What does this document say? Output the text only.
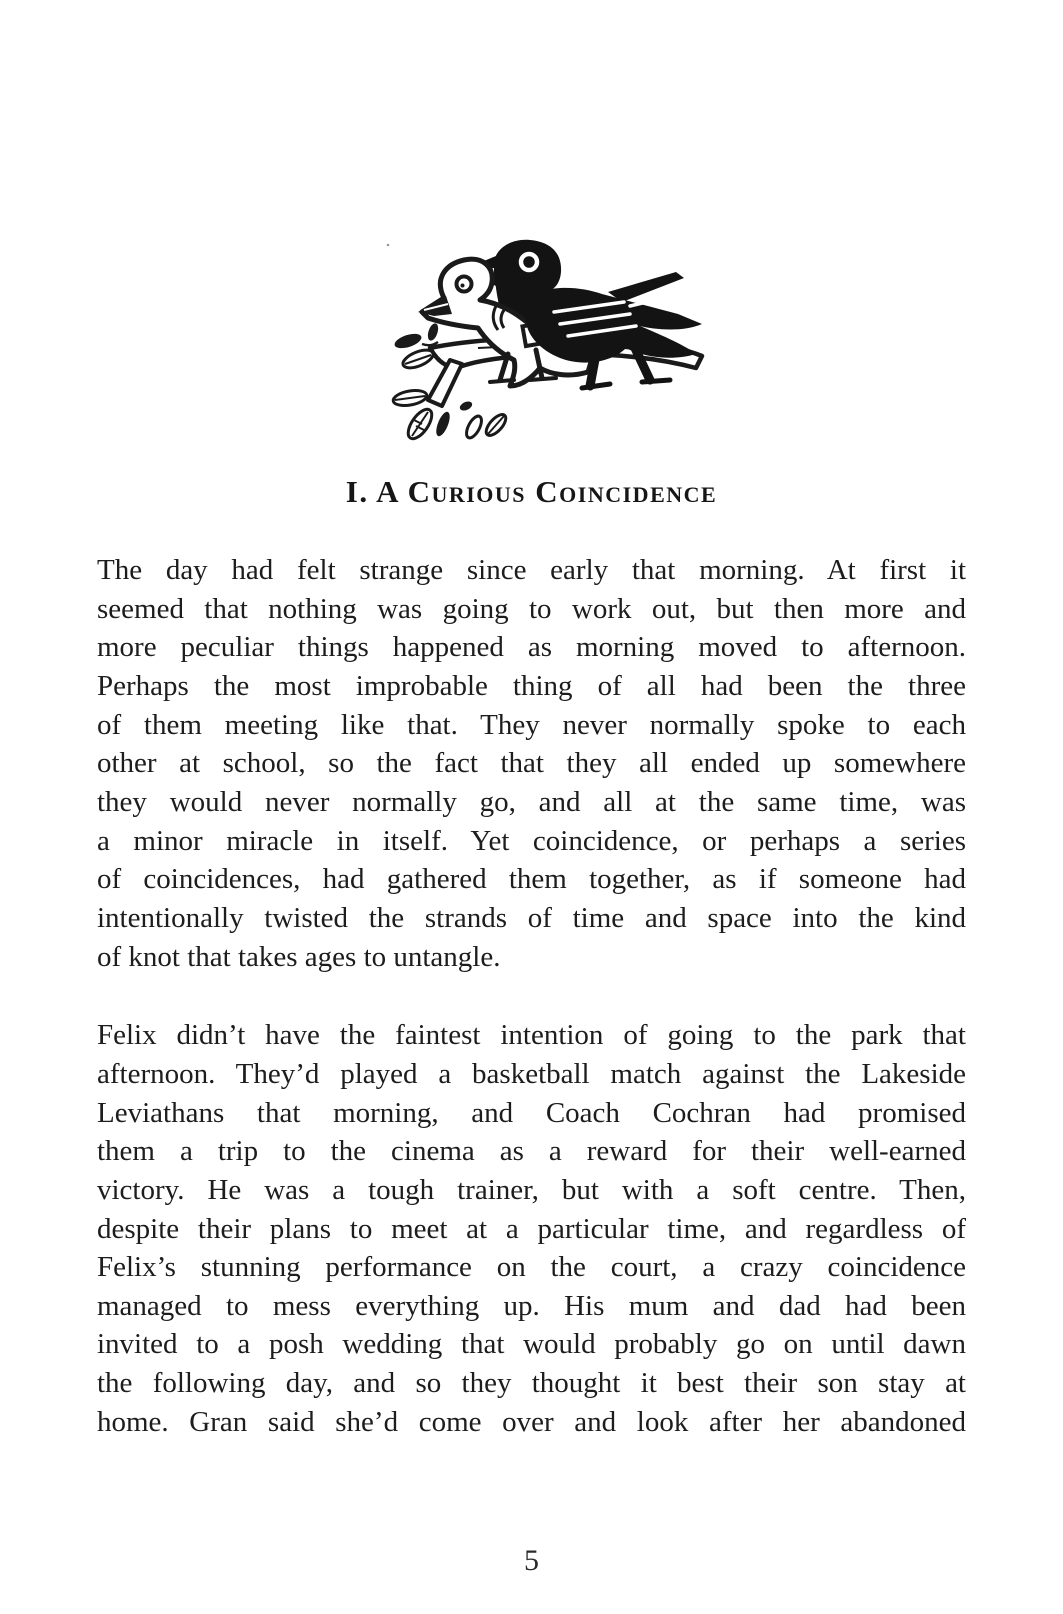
I. A Curious Coincidence
The day had felt strange since early that morning. At first it
seemed that nothing was going to work out, but then more and
more peculiar things happened as morning moved to afternoon.
Perhaps the most improbable thing of all had been the three
of them meeting like that. They never normally spoke to each
other at school, so the fact that they all ended up somewhere
they would never normally go, and all at the same time, was
a minor miracle in itself. Yet coincidence, or perhaps a series
of coincidences, had gathered them together, as if someone had
intentionally twisted the strands of time and space into the kind
of knot that takes ages to untangle.
Felix didn’t have the faintest intention of going to the park that
afternoon. They’d played a basketball match against the Lakeside
Leviathans that morning, and Coach Cochran had promised
them a trip to the cinema as a reward for their well-earned
victory. He was a tough trainer, but with a soft centre. Then,
despite their plans to meet at a particular time, and regardless of
Felix’s stunning performance on the court, a crazy coincidence
managed to mess everything up. His mum and dad had been
invited to a posh wedding that would probably go on until dawn
the following day, and so they thought it best their son stay at
home. Gran said she’d come over and look after her abandoned
5
